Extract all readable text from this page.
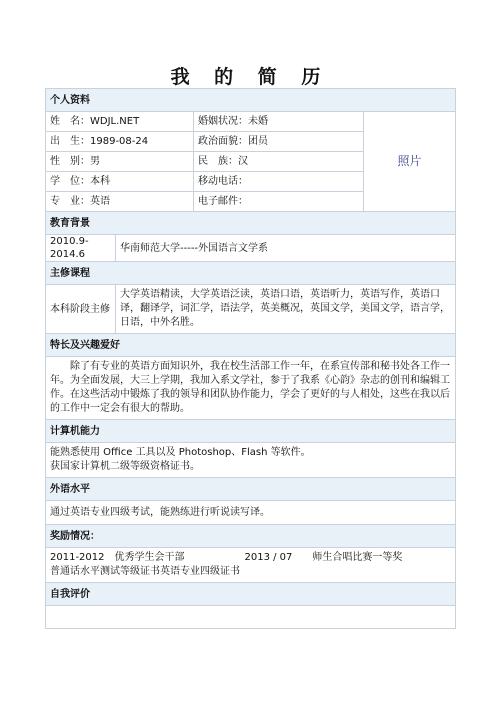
我 的 简 历
个人资料			
姓　名：WDJL.NET		婚姻状况：未婚	照片
出　生：1989-08-24		政治面貌：团员	
性　别：男		民　族：汉	
学　位：本科		移动电话：	
专　业：英语		电子邮件：	
教育背景			
2010.9-2014.6	华南师范大学-----外国语言文学系		
主修课程			
本科阶段主修	大学英语精读，大学英语泛读，英语口语，英语听力，英语写作，英语口译，翻译学，词汇学，语法学，英美概况，英国文学，美国文学，语言学，日语，中外名胜。		
特长及兴趣爱好			
除了有专业的英语方面知识外，我在校生活部工作一年，在系宣传部和秘书处各工作一年。为全面发展，大三上学期，我加入系文学社，参于了我系《心韵》杂志的创刊和编辑工作。在这些活动中锻炼了我的领导和团队协作能力，学会了更好的与人相处，这些在我以后的工作中一定会有很大的帮助。			
计算机能力			

能熟悉使用 Office 工具以及 Photoshop、Flash 等软件。
获国家计算机二级等级资格证书。			

外语水平			
通过英语专业四级考试，能熟练进行听说读写译。			
奖励情况：			

2011-2012　优秀学生会干部　　　　　　2013 / 07　　师生合唱比赛一等奖
普通话水平测试等级证书英语专业四级证书			

自我评价			
